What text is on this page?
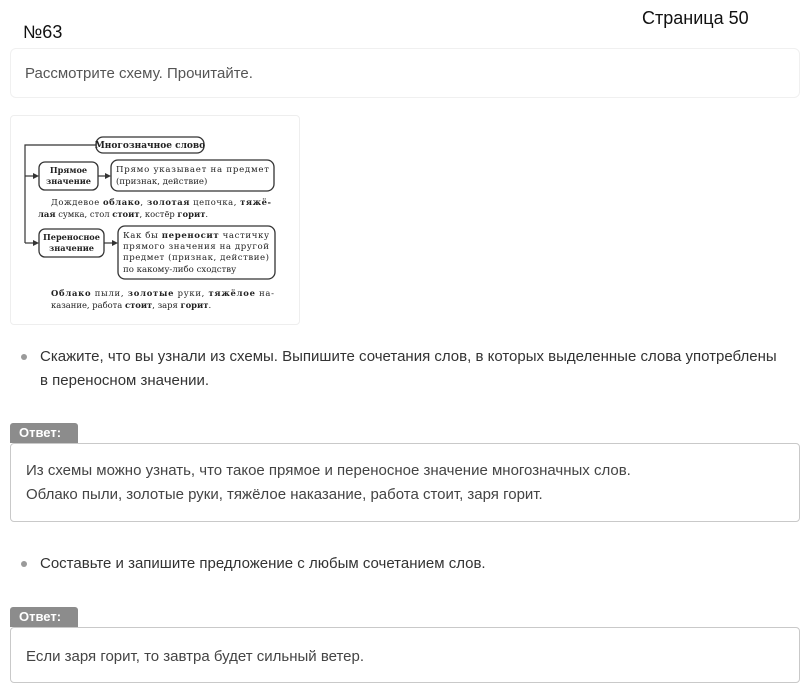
№63
Страница 50
Рассмотрите схему. Прочитайте.
Многозначное слово
Прямое
значение
Прямо указывает на предмет
(признак, действие)
Дождевое облако, золотая цепочка, тяжё-
лая сумка, стол стоит, костёр горит.
Переносное
значение
Как бы переносит частичку
прямого значения на другой
предмет (признак, действие)
по какому-либо сходству
Облако пыли, золотые руки, тяжёлое на-
казание, работа стоит, заря горит.
Скажите, что вы узнали из схемы. Выпишите сочетания слов, в которых выделенные слова употреблены в переносном значении.
Ответ:
Из схемы можно узнать, что такое прямое и переносное значение многозначных слов.
Облако пыли, золотые руки, тяжёлое наказание, работа стоит, заря горит.
Составьте и запишите предложение с любым сочетанием слов.
Ответ:
Если заря горит, то завтра будет сильный ветер.
